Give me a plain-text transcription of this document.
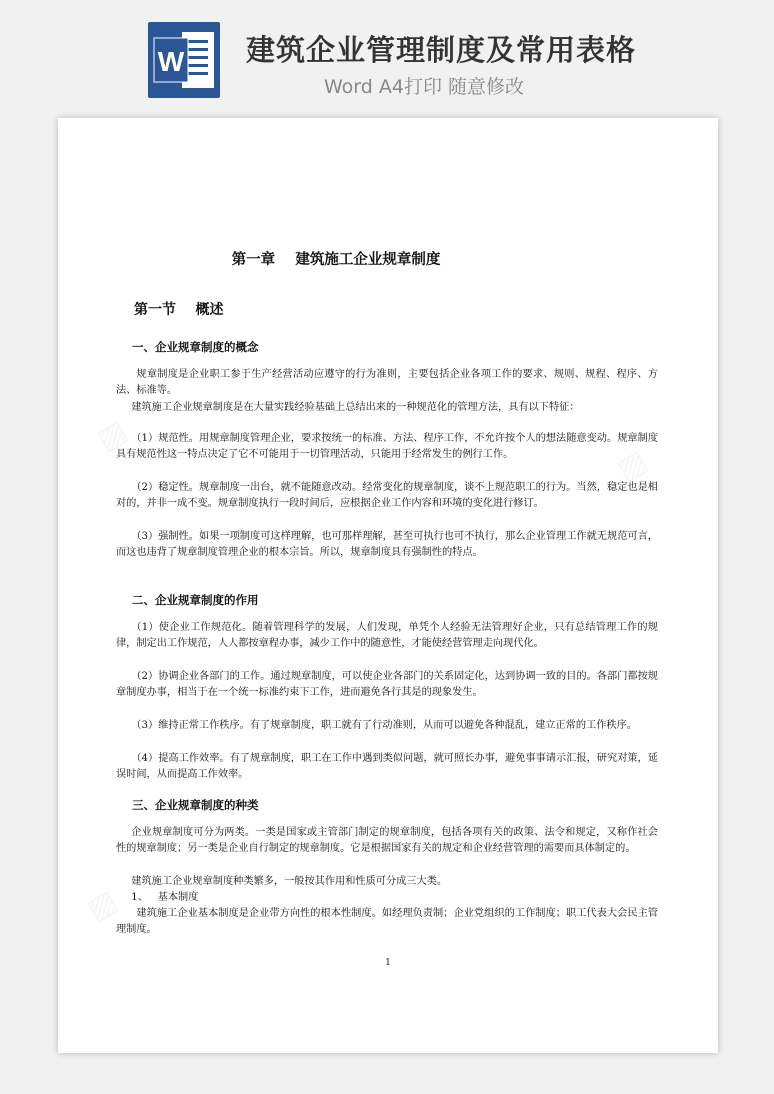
W 建筑企业管理制度及常用表格
Word A4打印 随意修改
▨
▨
▨
第一章    建筑施工企业规章制度
第一节    概述
一、企业规章制度的概念

规章制度是企业职工参于生产经营活动应遵守的行为准则，主要包括企业各项工作的要求、规则、规程、程序、方法、标准等。

建筑施工企业规章制度是在大量实践经验基础上总结出来的一种规范化的管理方法，具有以下特征：

（1）规范性。用规章制度管理企业，要求按统一的标准、方法、程序工作，不允许按个人的想法随意变动。规章制度具有规范性这一特点决定了它不可能用于一切管理活动，只能用于经常发生的例行工作。

（2）稳定性。规章制度一出台，就不能随意改动。经常变化的规章制度，谈不上规范职工的行为。当然，稳定也是相对的，并非一成不变。规章制度执行一段时间后，应根据企业工作内容和环境的变化进行修订。

（3）强制性。如果一项制度可这样理解，也可那样理解，甚至可执行也可不执行，那么企业管理工作就无规范可言，而这也违背了规章制度管理企业的根本宗旨。所以，规章制度具有强制性的特点。

二、企业规章制度的作用

（1）使企业工作规范化。随着管理科学的发展，人们发现，单凭个人经验无法管理好企业，只有总结管理工作的规律，制定出工作规范，人人都按章程办事，减少工作中的随意性，才能使经营管理走向现代化。

（2）协调企业各部门的工作。通过规章制度，可以使企业各部门的关系固定化，达到协调一致的目的。各部门都按规章制度办事，相当于在一个统一标准约束下工作，进而避免各行其是的现象发生。

（3）维持正常工作秩序。有了规章制度，职工就有了行动准则，从而可以避免各种混乱，建立正常的工作秩序。

（4）提高工作效率。有了规章制度，职工在工作中遇到类似问题，就可照长办事，避免事事请示汇报，研究对策，延误时间，从而提高工作效率。

三、企业规章制度的种类

企业规章制度可分为两类。一类是国家或主管部门制定的规章制度，包括各项有关的政策、法令和规定，又称作社会性的规章制度；另一类是企业自行制定的规章制度。它是根据国家有关的规定和企业经营管理的需要而具体制定的。

建筑施工企业规章制度种类繁多，一般按其作用和性质可分成三大类。

1、   基本制度

建筑施工企业基本制度是企业带方向性的根本性制度。如经理负责制；企业党组织的工作制度；职工代表大会民主管理制度。

1
